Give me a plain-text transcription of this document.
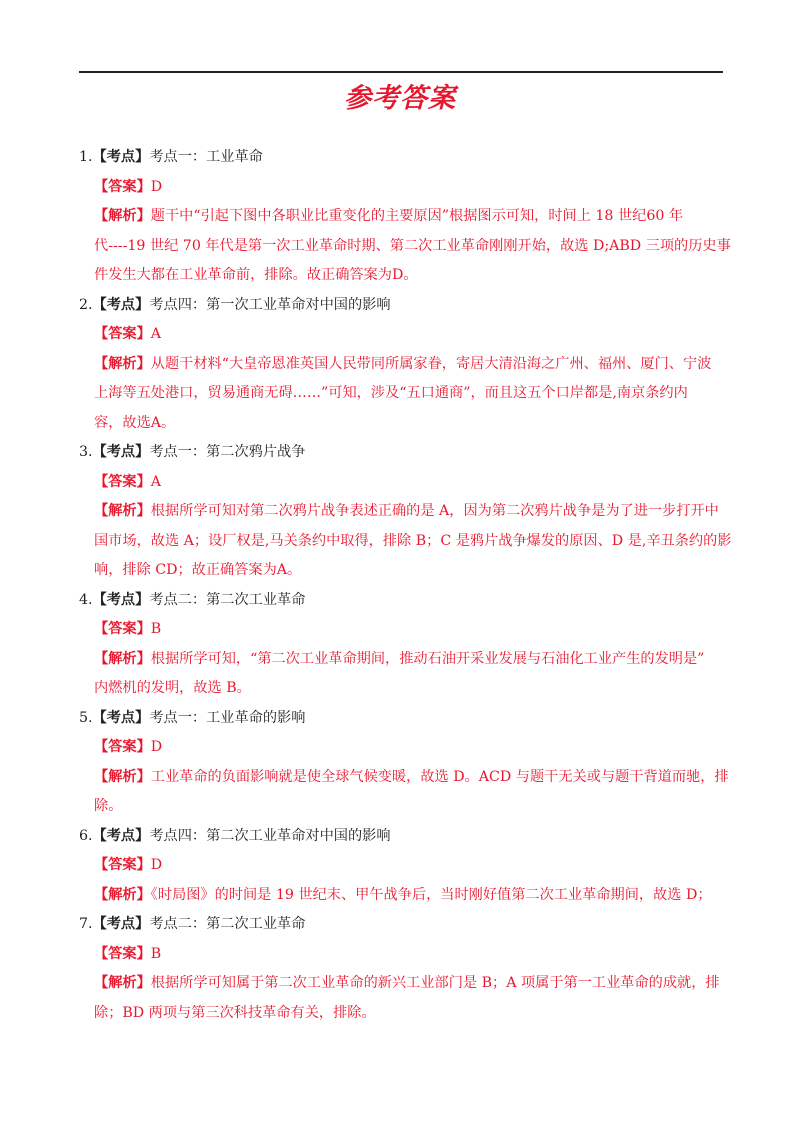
参考答案
1.【考点】考点一：工业革命
【答案】D
【解析】题干中“引起下图中各职业比重变化的主要原因”根据图示可知，时间上 18 世纪60 年
代----19 世纪 70 年代是第一次工业革命时期、第二次工业革命刚刚开始，故选 D;ABD 三项的历史事
件发生大都在工业革命前，排除。故正确答案为D。
2.【考点】考点四：第一次工业革命对中国的影响
【答案】A
【解析】从题干材料“大皇帝恩准英国人民带同所属家眷，寄居大清沿海之广州、福州、厦门、宁波
上海等五处港口，贸易通商无碍……”可知，涉及“五口通商”，而且这五个口岸都是,南京条约内
容，故选A。
3.【考点】考点一：第二次鸦片战争
【答案】A
【解析】根据所学可知对第二次鸦片战争表述正确的是 A，因为第二次鸦片战争是为了进一步打开中
国市场，故选 A；设厂权是,马关条约中取得，排除 B；C 是鸦片战争爆发的原因、D 是,辛丑条约的影
响，排除 CD；故正确答案为A。
4.【考点】考点二：第二次工业革命
【答案】B
【解析】根据所学可知，“第二次工业革命期间，推动石油开采业发展与石油化工业产生的发明是”
内燃机的发明，故选 B。
5.【考点】考点一：工业革命的影响
【答案】D
【解析】工业革命的负面影响就是使全球气候变暖，故选 D。ACD 与题干无关或与题干背道而驰，排
除。
6.【考点】考点四：第二次工业革命对中国的影响
【答案】D
【解析】《时局图》的时间是 19 世纪末、甲午战争后，当时刚好值第二次工业革命期间，故选 D；
7.【考点】考点二：第二次工业革命
【答案】B
【解析】根据所学可知属于第二次工业革命的新兴工业部门是 B；A 项属于第一工业革命的成就，排
除；BD 两项与第三次科技革命有关，排除。
